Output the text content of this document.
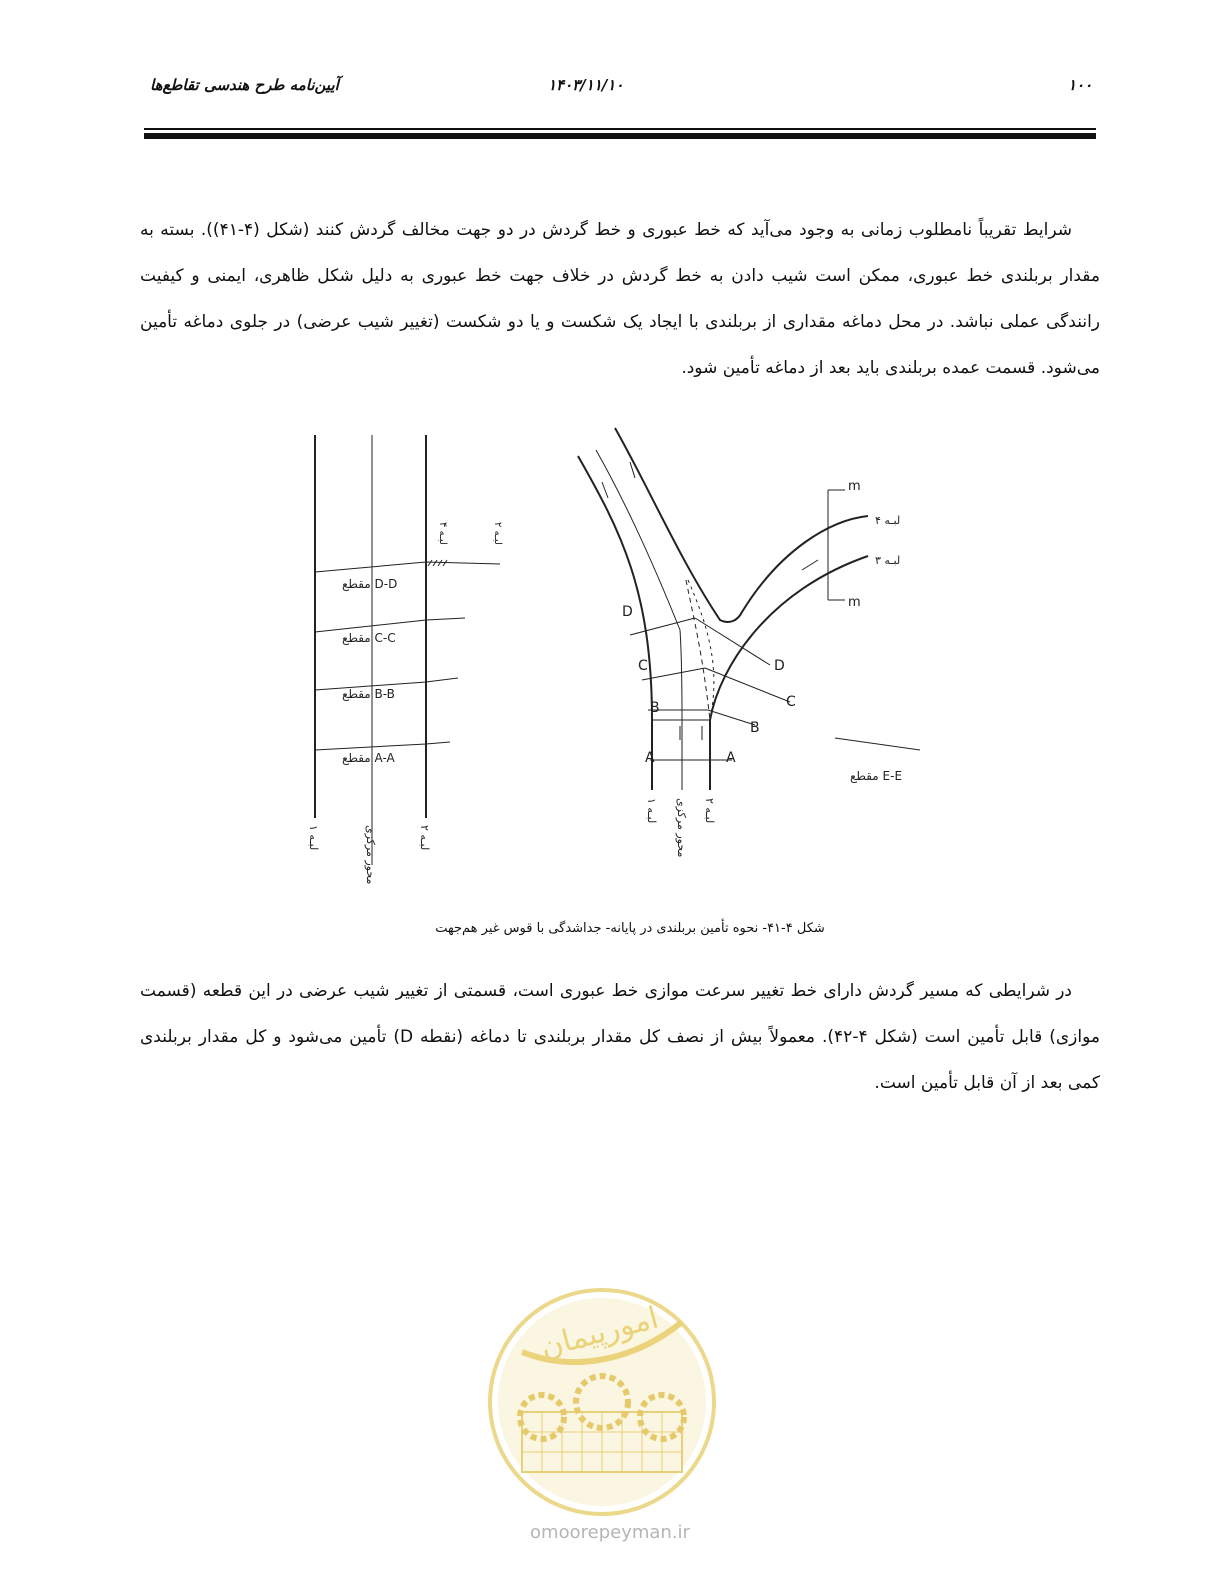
آیین‌نامه طرح هندسی تقاطع‌ها	۱۴۰۳/۱۱/۱۰	۱۰۰

شرایط تقریباً نامطلوب زمانی به وجود می‌آید که خط عبوری و خط گردش در دو جهت مخالف گردش کنند (شکل (۴-۴۱)). بسته به مقدار بربلندی خط عبوری، ممکن است شیب دادن به خط گردش در خلاف جهت خط عبوری به دلیل شکل ظاهری، ایمنی و کیفیت رانندگی عملی نباشد. در محل دماغه مقداری از بربلندی با ایجاد یک شکست و یا دو شکست (تغییر شیب عرضی) در جلوی دماغه تأمین می‌شود. قسمت عمده بربلندی باید بعد از دماغه تأمین شود.

مقطع D-D
مقطع C-C
مقطع B-B
مقطع A-A
لبـه ۱	محور مرکزی	لبـه ۲
لبـه ۴
لبـه ۲
D
C
B
A
D
C
B
A
لبـه ۴
لبـه ۳
m
m
لبـه ۱ محور مرکزی لبـه ۲
مقطع E-E
شکل ۴-۴۱- نحوه تأمین بربلندی در پایانه- جداشدگی با قوس غیر هم‌جهت

در شرایطی که مسیر گردش دارای خط تغییر سرعت موازی خط عبوری است، قسمتی از تغییر شیب عرضی در این قطعه (قسمت موازی) قابل تأمین است (شکل ۴-۴۲). معمولاً بیش از نصف کل مقدار بربلندی تا دماغه (نقطه D) تأمین می‌شود و کل مقدار بربلندی کمی بعد از آن قابل تأمین است.

امورپیمان
omoorepeyman.ir
